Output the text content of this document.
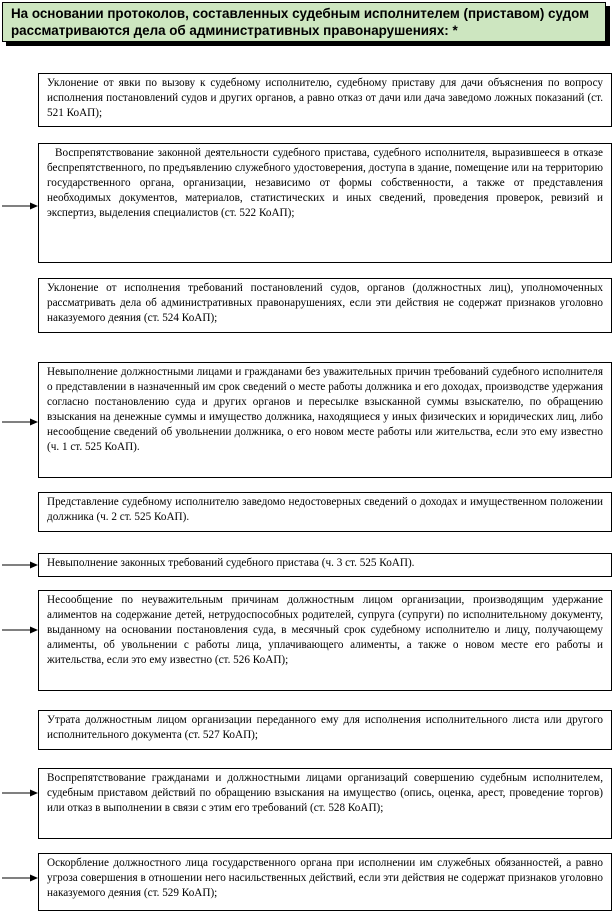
На основании протоколов, составленных судебным исполнителем (приставом) судом рассматриваются дела об административных правонарушениях: *
Уклонение от явки по вызову к судебному исполнителю, судебному приставу для дачи объяснения по вопросу исполнения постановлений судов и других органов, а равно отказ от дачи или дача заведомо ложных показаний (ст. 521 КоАП);
Воспрепятствование законной деятельности судебного пристава, судебного исполнителя, выразившееся в отказе беспрепятственного, по предъявлению служебного удостоверения, доступа в здание, помещение или на территорию государственного органа, организации, независимо от формы собственности, а также от представления необходимых документов, материалов, статистических и иных сведений, проведения проверок, ревизий и экспертиз, выделения специалистов (ст. 522 КоАП);
Уклонение от исполнения требований постановлений судов, органов (должностных лиц), уполномоченных рассматривать дела об административных правонарушениях, если эти действия не содержат признаков уголовно наказуемого деяния (ст. 524 КоАП);
Невыполнение должностными лицами и гражданами без уважительных причин требований судебного исполнителя о представлении в назначенный им срок сведений о месте работы должника и его доходах, производстве удержания согласно постановлению суда и других органов и пересылке взысканной суммы взыскателю, по обращению взыскания на денежные суммы и имущество должника, находящиеся у иных физических и юридических лиц, либо несообщение сведений об увольнении должника, о его новом месте работы или жительства, если это ему известно (ч. 1 ст. 525 КоАП).
Представление судебному исполнителю заведомо недостоверных сведений о доходах и имущественном положении должника (ч. 2 ст. 525 КоАП).
Невыполнение законных требований судебного пристава (ч. 3 ст. 525 КоАП).
Несообщение по неуважительным причинам должностным лицом организации, производящим удержание алиментов на содержание детей, нетрудоспособных родителей, супруга (супруги) по исполнительному документу, выданному на основании постановления суда, в месячный срок судебному исполнителю и лицу, получающему алименты, об увольнении с работы лица, уплачивающего алименты, а также о новом месте его работы и жительства, если это ему известно (ст. 526 КоАП);
Утрата должностным лицом организации переданного ему для исполнения исполнительного листа или другого исполнительного документа (ст. 527 КоАП);
Воспрепятствование гражданами и должностными лицами организаций совершению судебным исполнителем, судебным приставом действий по обращению взыскания на имущество (опись, оценка, арест, проведение торгов) или отказ в выполнении в связи с этим его требований (ст. 528 КоАП);
Оскорбление должностного лица государственного органа при исполнении им служебных обязанностей, а равно угроза совершения в отношении него насильственных действий, если эти действия не содержат признаков уголовно наказуемого деяния (ст. 529 КоАП);
